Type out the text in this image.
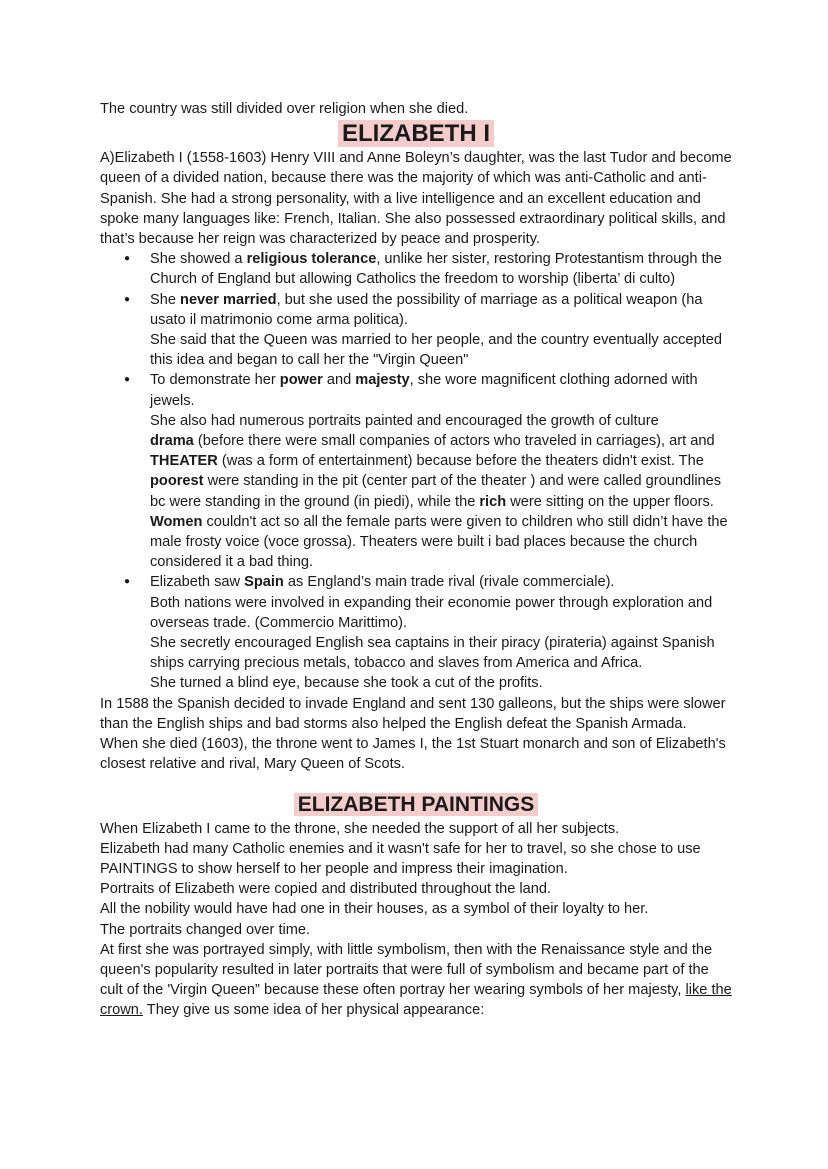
The country was still divided over religion when she died.

ELIZABETH I

A)Elizabeth I (1558-1603) Henry VIII and Anne Boleyn’s daughter, was the last Tudor and become queen of a divided nation, because there was the majority of which was anti-Catholic and anti- Spanish. She had a strong personality, with a live intelligence and an excellent education and spoke many languages like: French, Italian. She also possessed extraordinary political skills, and that’s because her reign was characterized by peace and prosperity.

● She showed a religious tolerance, unlike her sister, restoring Protestantism through the Church of England but allowing Catholics the freedom to worship (liberta’ di culto)
● She never married, but she used the possibility of marriage as a political weapon (ha usato il matrimonio come arma politica).
She said that the Queen was married to her people, and the country eventually accepted this idea and began to call her the "Virgin Queen"
● To demonstrate her power and majesty, she wore magnificent clothing adorned with jewels.
She also had numerous portraits painted and encouraged the growth of culture
drama (before there were small companies of actors who traveled in carriages), art and THEATER (was a form of entertainment) because before the theaters didn't exist. The poorest were standing in the pit (center part of the theater ) and were called groundlines bc were standing in the ground (in piedi), while the rich were sitting on the upper floors. Women couldn't act so all the female parts were given to children who still didn’t have the male frosty voice (voce grossa). Theaters were built i bad places because the church considered it a bad thing.
● Elizabeth saw Spain as England’s main trade rival (rivale commerciale).
Both nations were involved in expanding their economie power through exploration and overseas trade. (Commercio Marittimo).
She secretly encouraged English sea captains in their piracy (pirateria) against Spanish ships carrying precious metals, tobacco and slaves from America and Africa.
She turned a blind eye, because she took a cut of the profits.

In 1588 the Spanish decided to invade England and sent 130 galleons, but the ships were slower than the English ships and bad storms also helped the English defeat the Spanish Armada.

When she died (1603), the throne went to James I, the 1st Stuart monarch and son of Elizabeth's closest relative and rival, Mary Queen of Scots.

ELIZABETH PAINTINGS

When Elizabeth I came to the throne, she needed the support of all her subjects.

Elizabeth had many Catholic enemies and it wasn't safe for her to travel, so she chose to use PAINTINGS to show herself to her people and impress their imagination.

Portraits of Elizabeth were copied and distributed throughout the land.

All the nobility would have had one in their houses, as a symbol of their loyalty to her.

The portraits changed over time.

At first she was portrayed simply, with little symbolism, then with the Renaissance style and the queen's popularity resulted in later portraits that were full of symbolism and became part of the cult of the 'Virgin Queen” because these often portray her wearing symbols of her majesty, like the crown. They give us some idea of her physical appearance:
